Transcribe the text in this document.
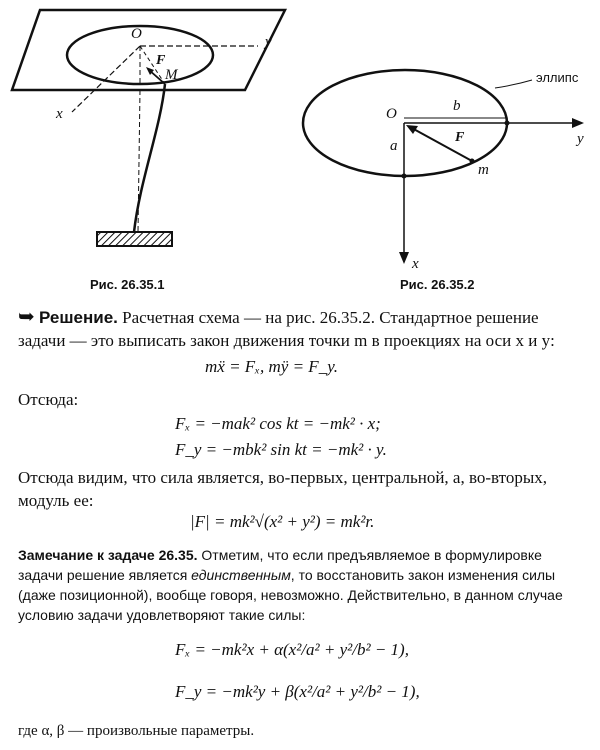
O	y
x
F
M
Рис. 26.35.1
эллипс
O	b
a	y
x
F
m
Рис. 26.35.2
➥ Решение. Расчетная схема — на рис. 26.35.2. Стандартное решение задачи — это выписать закон движения точки m в проекциях на оси x и y:
mẍ = Fₓ, mÿ = F_y.
Отсюда:
Fₓ = −mak² cos kt = −mk² · x;
F_y = −mbk² sin kt = −mk² · y.
Отсюда видим, что сила является, во-первых, центральной, а, во-вторых, модуль ее:
|F| = mk²√(x² + y²) = mk²r.
Замечание к задаче 26.35. Отметим, что если предъявляемое в формулировке задачи решение является единственным, то восстановить закон изменения силы (даже позиционной), вообще говоря, невозможно. Действительно, в данном случае условию задачи удовлетворяют такие силы:
Fₓ = −mk²x + α(x²/a² + y²/b² − 1),
F_y = −mk²y + β(x²/a² + y²/b² − 1),
где α, β — произвольные параметры.
